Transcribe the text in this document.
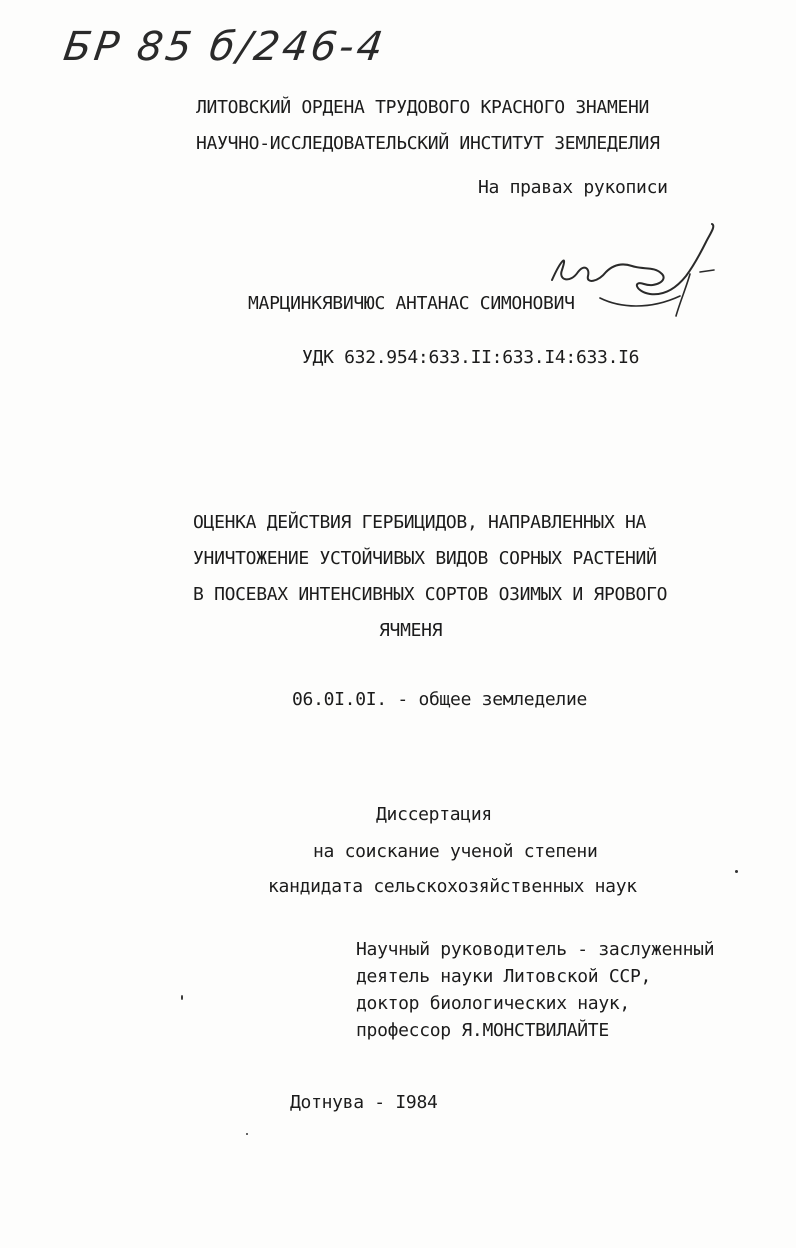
БР 85 б/246-4
ЛИТОВСКИЙ ОРДЕНА ТРУДОВОГО КРАСНОГО ЗНАМЕНИ
НАУЧНО-ИССЛЕДОВАТЕЛЬСКИЙ ИНСТИТУТ ЗЕМЛЕДЕЛИЯ
На правах рукописи
МАРЦИНКЯВИЧЮС АНТАНАС СИМОНОВИЧ
УДК 632.954:633.II:633.I4:633.I6
ОЦЕНКА ДЕЙСТВИЯ ГЕРБИЦИДОВ, НАПРАВЛЕННЫХ НА
УНИЧТОЖЕНИЕ УСТОЙЧИВЫХ ВИДОВ СОРНЫХ РАСТЕНИЙ
В ПОСЕВАХ ИНТЕНСИВНЫХ СОРТОВ ОЗИМЫХ И ЯРОВОГО
ЯЧМЕНЯ
06.0I.0I. - общее земледелие
Диссертация
на соискание ученой степени
кандидата сельскохозяйственных наук
Научный руководитель - заслуженный
деятель науки Литовской ССР,
доктор биологических наук,
профессор Я.МОНСТВИЛАЙТЕ
Дотнува - I984
